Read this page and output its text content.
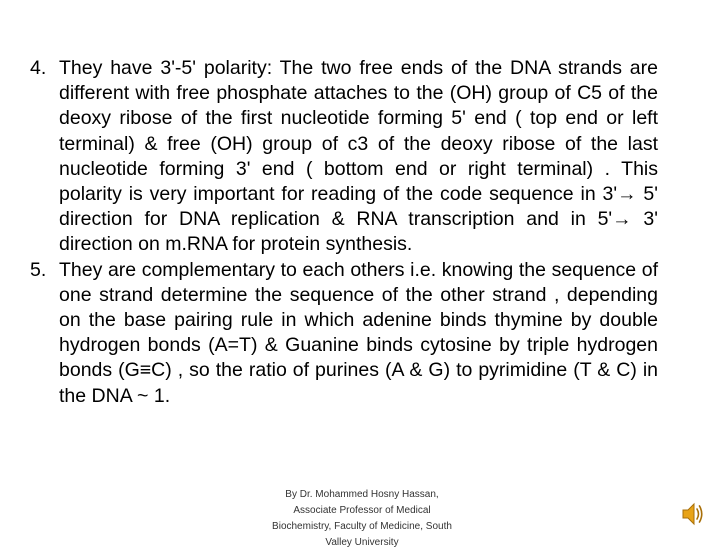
4. They have 3'-5' polarity: The two free ends of the DNA strands are different with free phosphate attaches to the (OH) group of C5 of the deoxy ribose of the first nucleotide forming 5' end ( top end or left terminal) & free (OH) group of c3 of the deoxy ribose of the last nucleotide forming 3' end ( bottom end or right terminal) . This polarity is very important for reading of the code sequence in 3'→ 5' direction for DNA replication & RNA transcription and in 5'→ 3' direction on m.RNA for protein synthesis.

5. They are complementary to each others i.e. knowing the sequence of one strand determine the sequence of the other strand , depending on the base pairing rule in which adenine binds thymine by double hydrogen bonds (A=T) & Guanine binds cytosine by triple hydrogen bonds (G≡C) , so the ratio of purines (A & G) to pyrimidine (T & C) in the DNA ~ 1.

By Dr. Mohammed Hosny Hassan,
Associate Professor of Medical
Biochemistry, Faculty of Medicine, South
Valley University
